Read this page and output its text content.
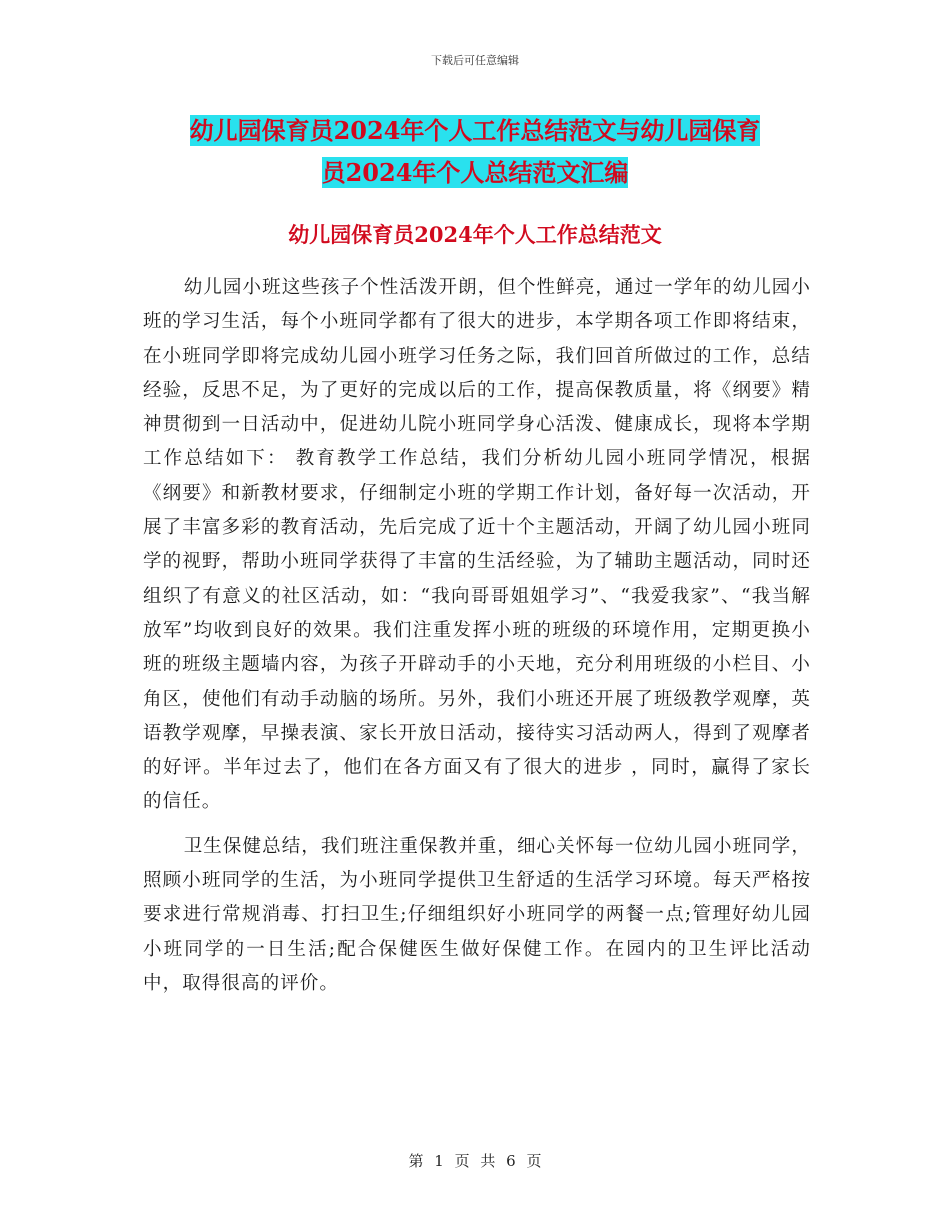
下载后可任意编辑
幼儿园保育员2024年个人工作总结范文与幼儿园保育
员2024年个人总结范文汇编
幼儿园保育员2024年个人工作总结范文

幼儿园小班这些孩子个性活泼开朗，但个性鲜亮，通过一学年的幼儿园小班的学习生活，每个小班同学都有了很大的进步，本学期各项工作即将结束，在小班同学即将完成幼儿园小班学习任务之际，我们回首所做过的工作，总结经验，反思不足，为了更好的完成以后的工作，提高保教质量，将《纲要》精神贯彻到一日活动中，促进幼儿院小班同学身心活泼、健康成长，现将本学期工作总结如下： 教育教学工作总结，我们分析幼儿园小班同学情况，根据《纲要》和新教材要求，仔细制定小班的学期工作计划，备好每一次活动，开展了丰富多彩的教育活动，先后完成了近十个主题活动，开阔了幼儿园小班同学的视野，帮助小班同学获得了丰富的生活经验，为了辅助主题活动，同时还组织了有意义的社区活动，如：“我向哥哥姐姐学习”、“我爱我家”、“我当解放军”均收到良好的效果。我们注重发挥小班的班级的环境作用，定期更换小班的班级主题墙内容，为孩子开辟动手的小天地，充分利用班级的小栏目、小角区，使他们有动手动脑的场所。另外，我们小班还开展了班级教学观摩，英语教学观摩，早操表演、家长开放日活动，接待实习活动两人，得到了观摩者的好评。半年过去了，他们在各方面又有了很大的进步 ，同时，赢得了家长的信任。

卫生保健总结，我们班注重保教并重，细心关怀每一位幼儿园小班同学，照顾小班同学的生活，为小班同学提供卫生舒适的生活学习环境。每天严格按要求进行常规消毒、打扫卫生;仔细组织好小班同学的两餐一点;管理好幼儿园小班同学的一日生活;配合保健医生做好保健工作。在园内的卫生评比活动中，取得很高的评价。

第 1 页 共 6 页
